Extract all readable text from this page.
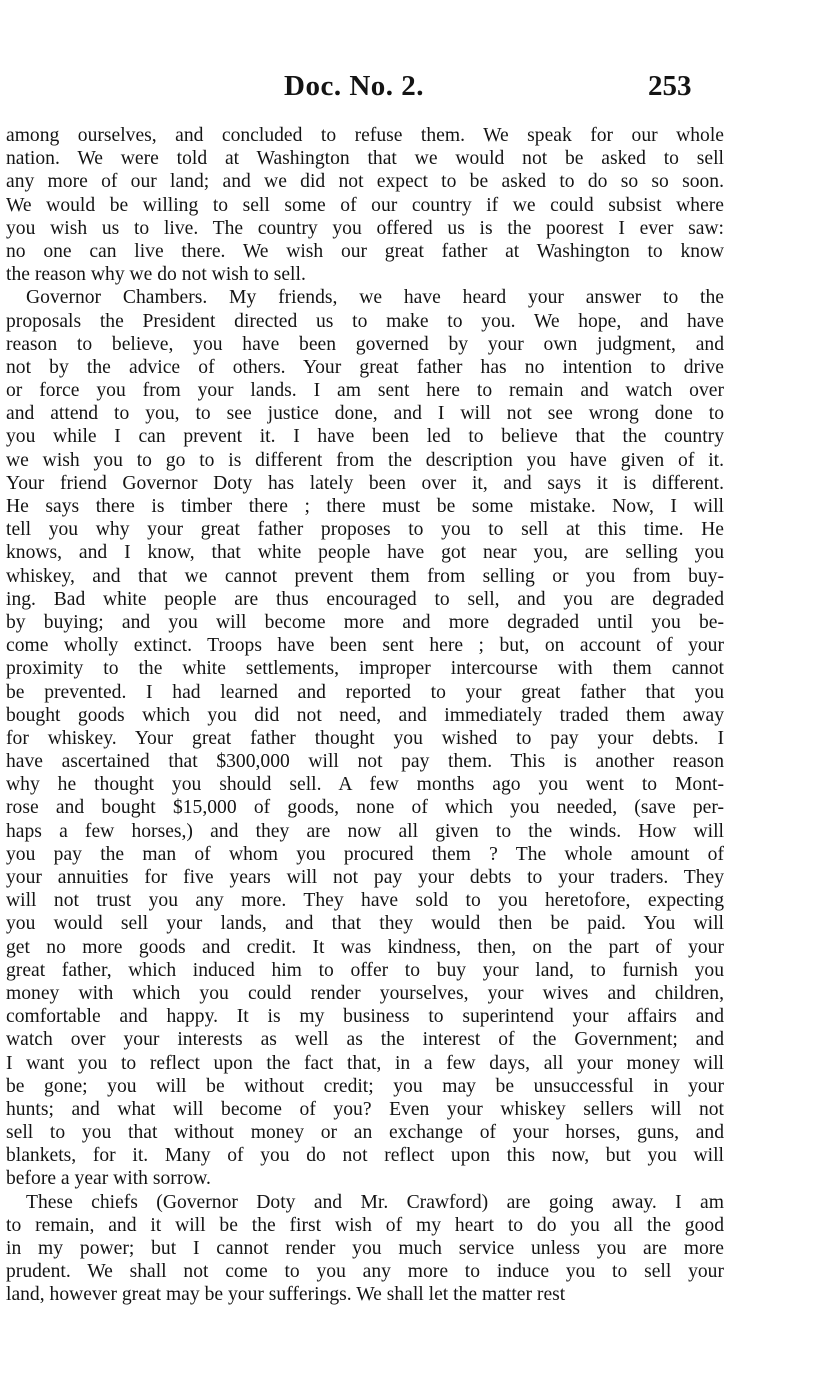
Doc. No. 2.	253
among ourselves, and concluded to refuse them. We speak for our whole
nation. We were told at Washington that we would not be asked to sell
any more of our land; and we did not expect to be asked to do so so soon.
We would be willing to sell some of our country if we could subsist where
you wish us to live. The country you offered us is the poorest I ever saw:
no one can live there. We wish our great father at Washington to know
the reason why we do not wish to sell.
Governor Chambers. My friends, we have heard your answer to the
proposals the President directed us to make to you. We hope, and have
reason to believe, you have been governed by your own judgment, and
not by the advice of others. Your great father has no intention to drive
or force you from your lands. I am sent here to remain and watch over
and attend to you, to see justice done, and I will not see wrong done to
you while I can prevent it. I have been led to believe that the country
we wish you to go to is different from the description you have given of it.
Your friend Governor Doty has lately been over it, and says it is different.
He says there is timber there ; there must be some mistake. Now, I will
tell you why your great father proposes to you to sell at this time. He
knows, and I know, that white people have got near you, are selling you
whiskey, and that we cannot prevent them from selling or you from buy-
ing. Bad white people are thus encouraged to sell, and you are degraded
by buying; and you will become more and more degraded until you be-
come wholly extinct. Troops have been sent here ; but, on account of your
proximity to the white settlements, improper intercourse with them cannot
be prevented. I had learned and reported to your great father that you
bought goods which you did not need, and immediately traded them away
for whiskey. Your great father thought you wished to pay your debts. I
have ascertained that $300,000 will not pay them. This is another reason
why he thought you should sell. A few months ago you went to Mont-
rose and bought $15,000 of goods, none of which you needed, (save per-
haps a few horses,) and they are now all given to the winds. How will
you pay the man of whom you procured them ? The whole amount of
your annuities for five years will not pay your debts to your traders. They
will not trust you any more. They have sold to you heretofore, expecting
you would sell your lands, and that they would then be paid. You will
get no more goods and credit. It was kindness, then, on the part of your
great father, which induced him to offer to buy your land, to furnish you
money with which you could render yourselves, your wives and children,
comfortable and happy. It is my business to superintend your affairs and
watch over your interests as well as the interest of the Government; and
I want you to reflect upon the fact that, in a few days, all your money will
be gone; you will be without credit; you may be unsuccessful in your
hunts; and what will become of you? Even your whiskey sellers will not
sell to you that without money or an exchange of your horses, guns, and
blankets, for it. Many of you do not reflect upon this now, but you will
before a year with sorrow.
These chiefs (Governor Doty and Mr. Crawford) are going away. I am
to remain, and it will be the first wish of my heart to do you all the good
in my power; but I cannot render you much service unless you are more
prudent. We shall not come to you any more to induce you to sell your
land, however great may be your sufferings. We shall let the matter rest
